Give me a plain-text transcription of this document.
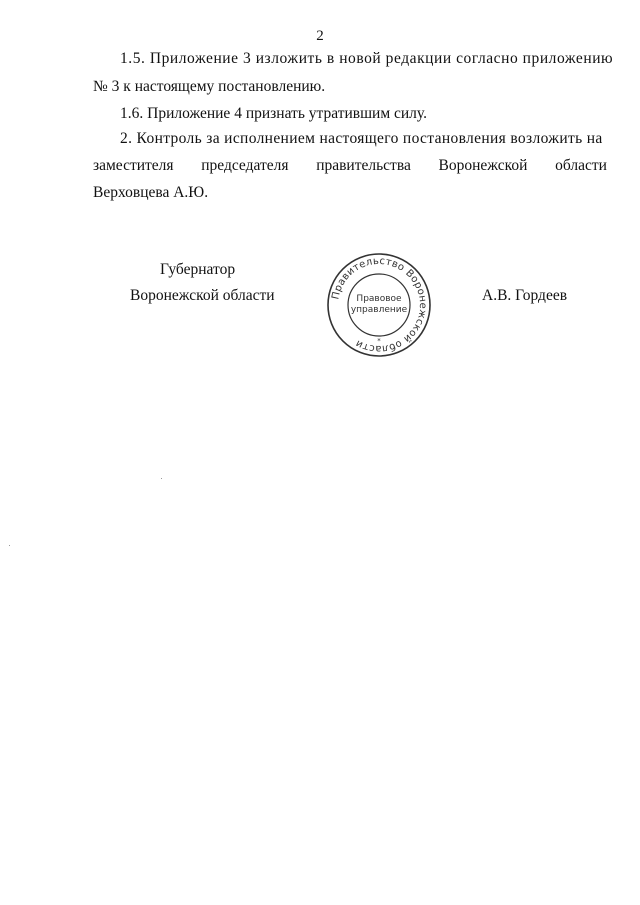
2
1.5. Приложение 3 изложить в новой редакции согласно приложению
№ 3 к настоящему постановлению.
1.6. Приложение 4 признать утратившим силу.
2. Контроль за исполнением настоящего постановления возложить на
заместителя председателя правительства Воронежской области
Верховцева А.Ю.
Губернатор
Воронежской области	А.В. Гордеев
Правительство Воронежской области
Правовое
управление
*
